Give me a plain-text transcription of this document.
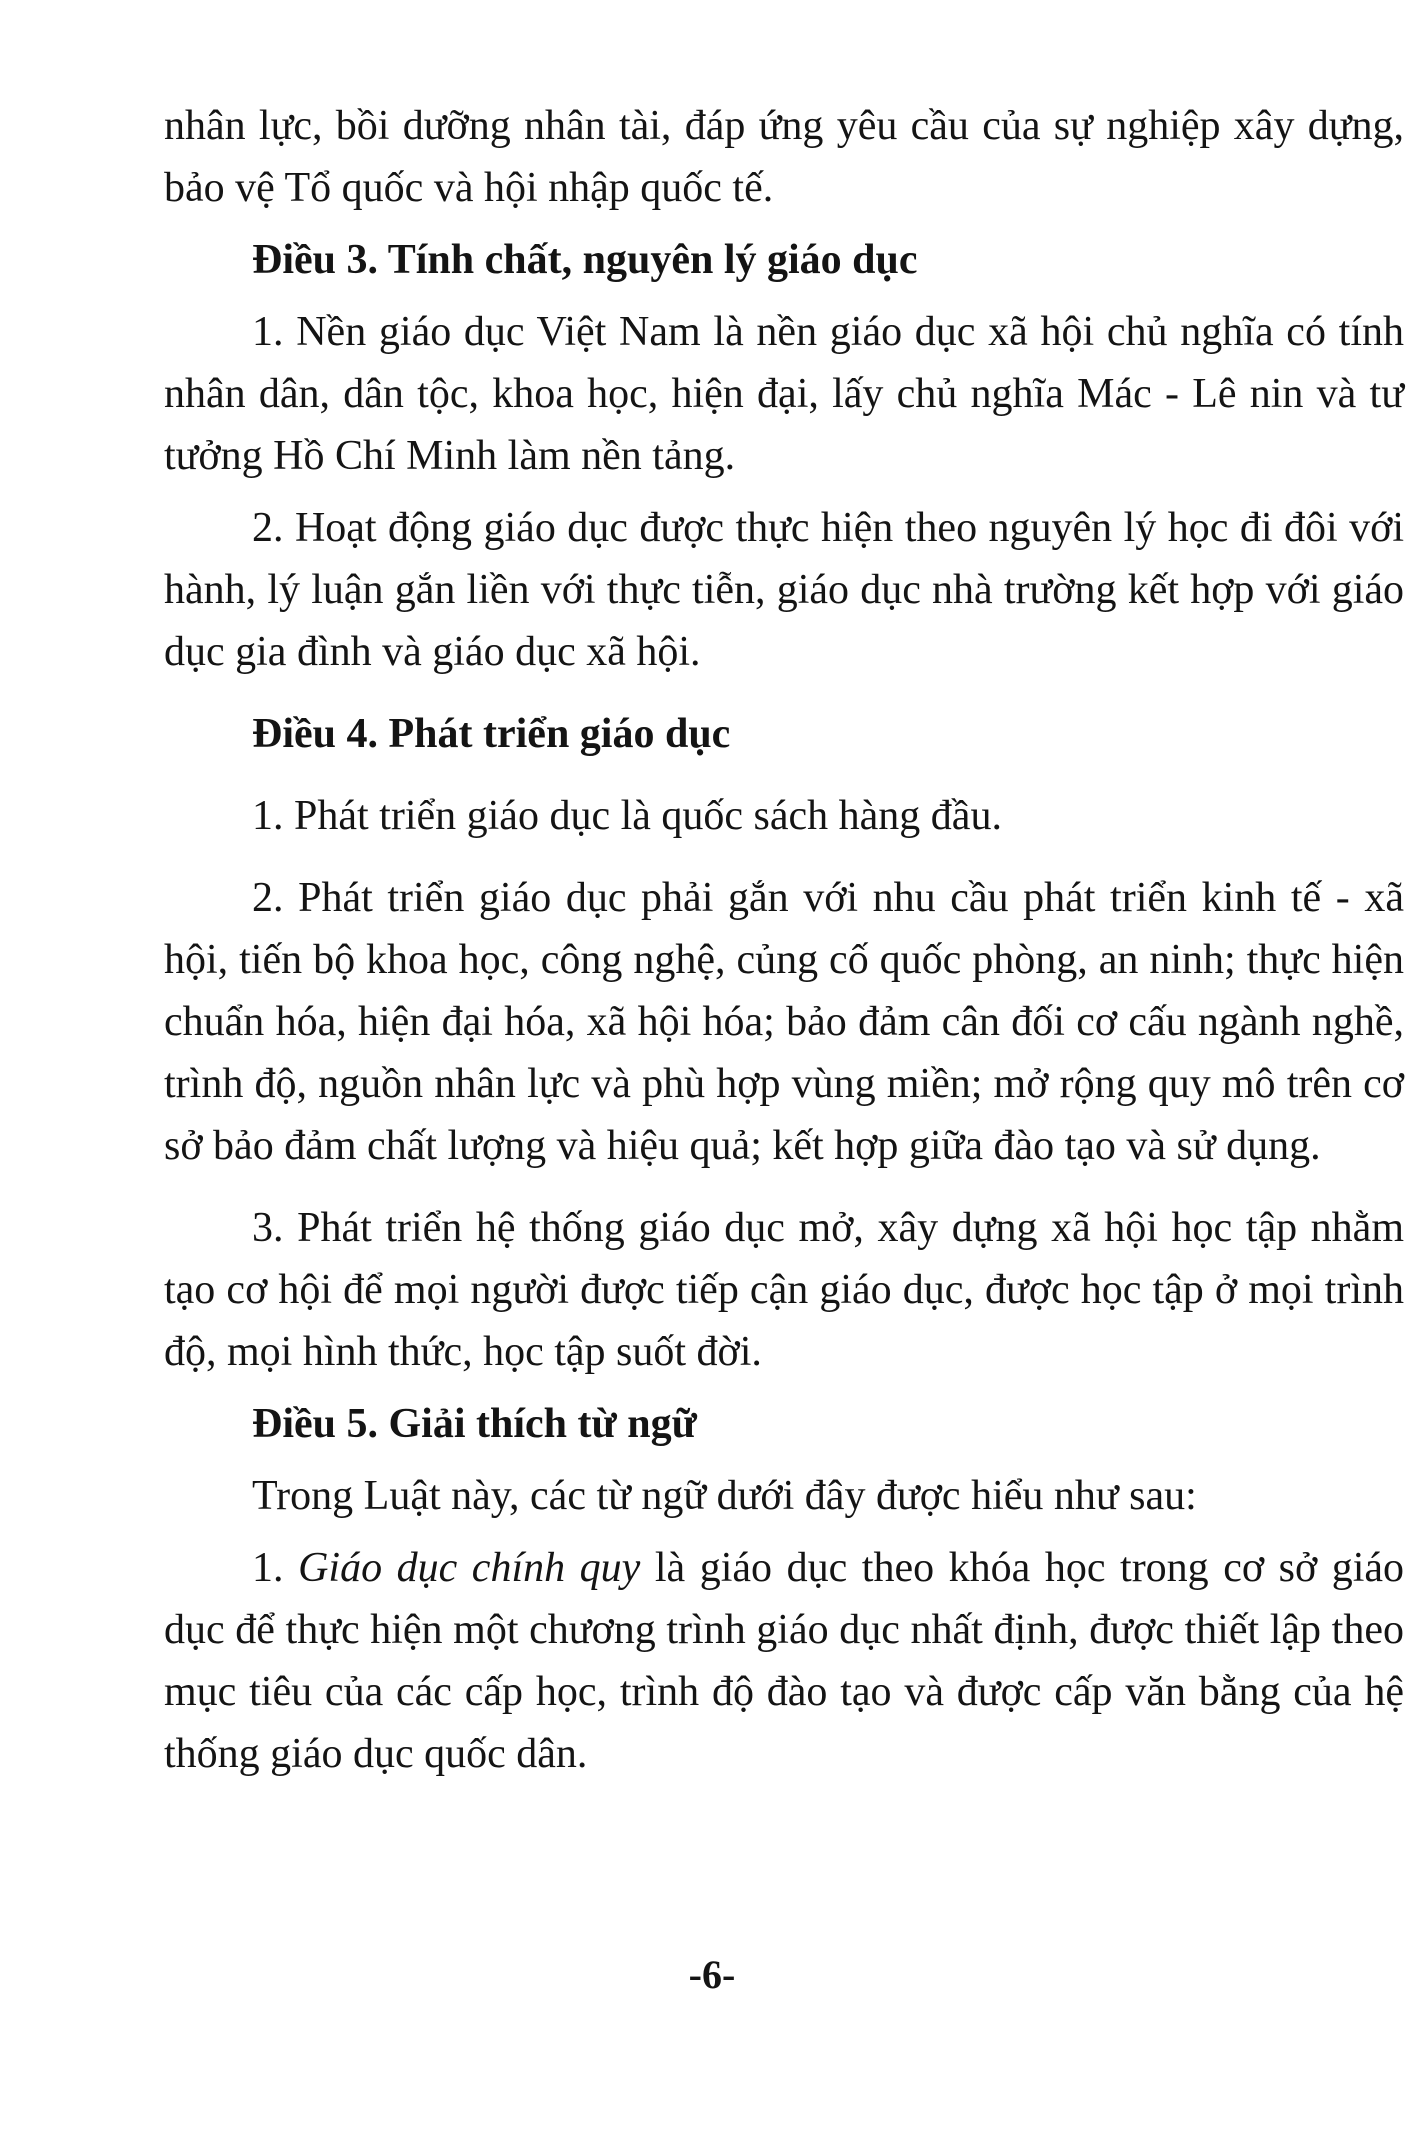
nhân lực, bồi dưỡng nhân tài, đáp ứng yêu cầu của sự nghiệp xây dựng, bảo vệ Tổ quốc và hội nhập quốc tế.

Điều 3. Tính chất, nguyên lý giáo dục

1. Nền giáo dục Việt Nam là nền giáo dục xã hội chủ nghĩa có tính nhân dân, dân tộc, khoa học, hiện đại, lấy chủ nghĩa Mác - Lê nin và tư tưởng Hồ Chí Minh làm nền tảng.

2. Hoạt động giáo dục được thực hiện theo nguyên lý học đi đôi với hành, lý luận gắn liền với thực tiễn, giáo dục nhà trường kết hợp với giáo dục gia đình và giáo dục xã hội.

Điều 4. Phát triển giáo dục

1. Phát triển giáo dục là quốc sách hàng đầu.

2. Phát triển giáo dục phải gắn với nhu cầu phát triển kinh tế - xã hội, tiến bộ khoa học, công nghệ, củng cố quốc phòng, an ninh; thực hiện chuẩn hóa, hiện đại hóa, xã hội hóa; bảo đảm cân đối cơ cấu ngành nghề, trình độ, nguồn nhân lực và phù hợp vùng miền; mở rộng quy mô trên cơ sở bảo đảm chất lượng và hiệu quả; kết hợp giữa đào tạo và sử dụng.

3. Phát triển hệ thống giáo dục mở, xây dựng xã hội học tập nhằm tạo cơ hội để mọi người được tiếp cận giáo dục, được học tập ở mọi trình độ, mọi hình thức, học tập suốt đời.

Điều 5. Giải thích từ ngữ

Trong Luật này, các từ ngữ dưới đây được hiểu như sau:

1. Giáo dục chính quy là giáo dục theo khóa học trong cơ sở giáo dục để thực hiện một chương trình giáo dục nhất định, được thiết lập theo mục tiêu của các cấp học, trình độ đào tạo và được cấp văn bằng của hệ thống giáo dục quốc dân.

-6-
